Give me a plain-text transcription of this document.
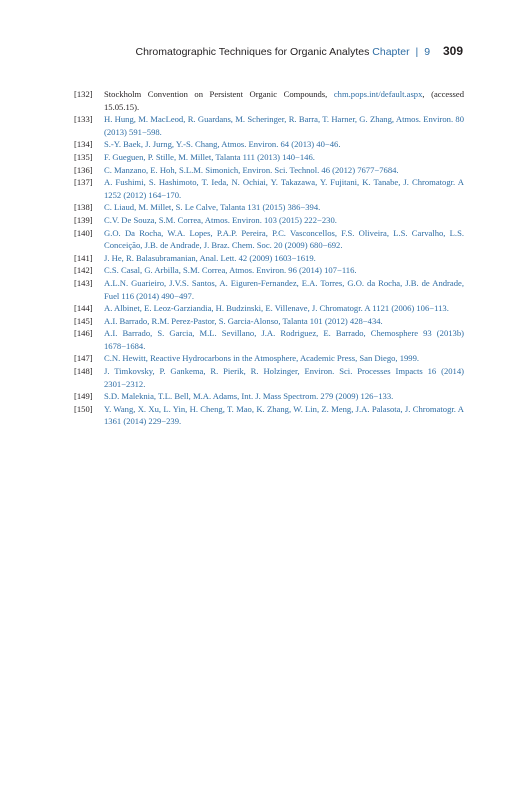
Chromatographic Techniques for Organic Analytes Chapter | 9 309
[132] Stockholm Convention on Persistent Organic Compounds, chm.pops.int/default.aspx, (accessed 15.05.15).
[133] H. Hung, M. MacLeod, R. Guardans, M. Scheringer, R. Barra, T. Harner, G. Zhang, Atmos. Environ. 80 (2013) 591−598.
[134] S.-Y. Baek, J. Jurng, Y.-S. Chang, Atmos. Environ. 64 (2013) 40−46.
[135] F. Gueguen, P. Stille, M. Millet, Talanta 111 (2013) 140−146.
[136] C. Manzano, E. Hoh, S.L.M. Simonich, Environ. Sci. Technol. 46 (2012) 7677−7684.
[137] A. Fushimi, S. Hashimoto, T. Ieda, N. Ochiai, Y. Takazawa, Y. Fujitani, K. Tanabe, J. Chromatogr. A 1252 (2012) 164−170.
[138] C. Liaud, M. Millet, S. Le Calve, Talanta 131 (2015) 386−394.
[139] C.V. De Souza, S.M. Correa, Atmos. Environ. 103 (2015) 222−230.
[140] G.O. Da Rocha, W.A. Lopes, P.A.P. Pereira, P.C. Vasconcellos, F.S. Oliveira, L.S. Carvalho, L.S. Conceição, J.B. de Andrade, J. Braz. Chem. Soc. 20 (2009) 680−692.
[141] J. He, R. Balasubramanian, Anal. Lett. 42 (2009) 1603−1619.
[142] C.S. Casal, G. Arbilla, S.M. Correa, Atmos. Environ. 96 (2014) 107−116.
[143] A.L.N. Guarieiro, J.V.S. Santos, A. Eiguren-Fernandez, E.A. Torres, G.O. da Rocha, J.B. de Andrade, Fuel 116 (2014) 490−497.
[144] A. Albinet, E. Leoz-Garziandia, H. Budzinski, E. Villenave, J. Chromatogr. A 1121 (2006) 106−113.
[145] A.I. Barrado, R.M. Perez-Pastor, S. Garcia-Alonso, Talanta 101 (2012) 428−434.
[146] A.I. Barrado, S. Garcia, M.L. Sevillano, J.A. Rodriguez, E. Barrado, Chemosphere 93 (2013b) 1678−1684.
[147] C.N. Hewitt, Reactive Hydrocarbons in the Atmosphere, Academic Press, San Diego, 1999.
[148] J. Timkovsky, P. Gankema, R. Pierik, R. Holzinger, Environ. Sci. Processes Impacts 16 (2014) 2301−2312.
[149] S.D. Maleknia, T.L. Bell, M.A. Adams, Int. J. Mass Spectrom. 279 (2009) 126−133.
[150] Y. Wang, X. Xu, L. Yin, H. Cheng, T. Mao, K. Zhang, W. Lin, Z. Meng, J.A. Palasota, J. Chromatogr. A 1361 (2014) 229−239.
